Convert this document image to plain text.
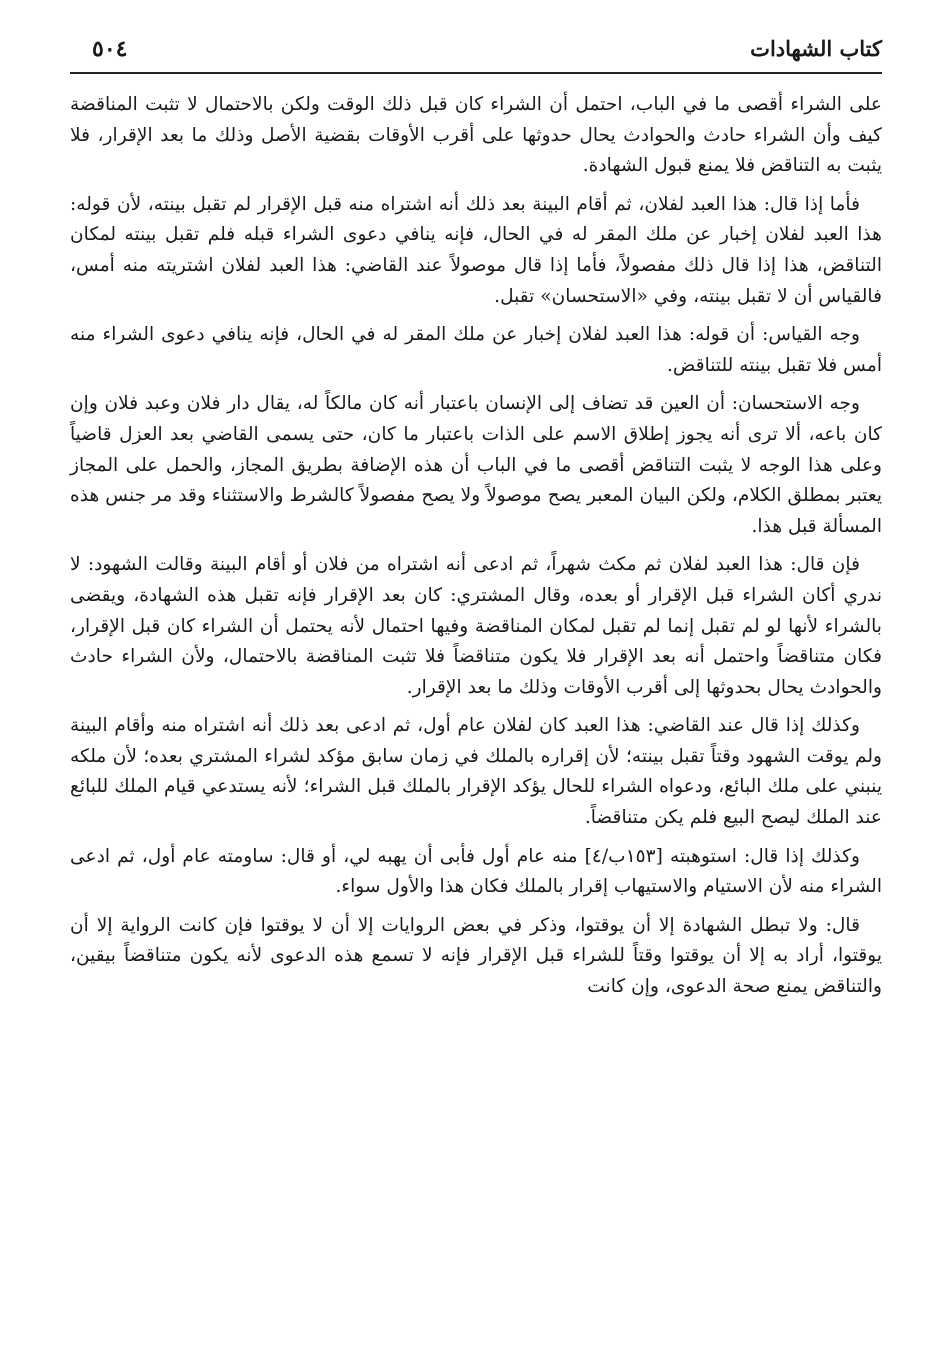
كتاب الشهادات
٥٠٤

على الشراء أقصى ما في الباب، احتمل أن الشراء كان قبل ذلك الوقت ولكن بالاحتمال لا تثبت المناقضة كيف وأن الشراء حادث والحوادث يحال حدوثها على أقرب الأوقات بقضية الأصل وذلك ما بعد الإقرار، فلا يثبت به التناقض فلا يمنع قبول الشهادة.

فأما إذا قال: هذا العبد لفلان، ثم أقام البينة بعد ذلك أنه اشتراه منه قبل الإقرار لم تقبل بينته، لأن قوله: هذا العبد لفلان إخبار عن ملك المقر له في الحال، فإنه ينافي دعوى الشراء قبله فلم تقبل بينته لمكان التناقض، هذا إذا قال ذلك مفصولاً، فأما إذا قال موصولاً عند القاضي: هذا العبد لفلان اشتريته منه أمس، فالقياس أن لا تقبل بينته، وفي «الاستحسان» تقبل.

وجه القياس: أن قوله: هذا العبد لفلان إخبار عن ملك المقر له في الحال، فإنه ينافي دعوى الشراء منه أمس فلا تقبل بينته للتناقض.

وجه الاستحسان: أن العين قد تضاف إلى الإنسان باعتبار أنه كان مالكاً له، يقال دار فلان وعبد فلان وإن كان باعه، ألا ترى أنه يجوز إطلاق الاسم على الذات باعتبار ما كان، حتى يسمى القاضي بعد العزل قاضياً وعلى هذا الوجه لا يثبت التناقض أقصى ما في الباب أن هذه الإضافة بطريق المجاز، والحمل على المجاز يعتبر بمطلق الكلام، ولكن البيان المعبر يصح موصولاً ولا يصح مفصولاً كالشرط والاستثناء وقد مر جنس هذه المسألة قبل هذا.

فإن قال: هذا العبد لفلان ثم مكث شهراً، ثم ادعى أنه اشتراه من فلان أو أقام البينة وقالت الشهود: لا ندري أكان الشراء قبل الإقرار أو بعده، وقال المشتري: كان بعد الإقرار فإنه تقبل هذه الشهادة، ويقضى بالشراء لأنها لو لم تقبل إنما لم تقبل لمكان المناقضة وفيها احتمال لأنه يحتمل أن الشراء كان قبل الإقرار، فكان متناقضاً واحتمل أنه بعد الإقرار فلا يكون متناقضاً فلا تثبت المناقضة بالاحتمال، ولأن الشراء حادث والحوادث يحال بحدوثها إلى أقرب الأوقات وذلك ما بعد الإقرار.

وكذلك إذا قال عند القاضي: هذا العبد كان لفلان عام أول، ثم ادعى بعد ذلك أنه اشتراه منه وأقام البينة ولم يوقت الشهود وقتاً تقبل بينته؛ لأن إقراره بالملك في زمان سابق مؤكد لشراء المشتري بعده؛ لأن ملكه ينبني على ملك البائع، ودعواه الشراء للحال يؤكد الإقرار بالملك قبل الشراء؛ لأنه يستدعي قيام الملك للبائع عند الملك ليصح البيع فلم يكن متناقضاً.

وكذلك إذا قال: استوهبته [١٥٣ب/٤] منه عام أول فأبى أن يهبه لي، أو قال: ساومته عام أول، ثم ادعى الشراء منه لأن الاستيام والاستيهاب إقرار بالملك فكان هذا والأول سواء.

قال: ولا تبطل الشهادة إلا أن يوقتوا، وذكر في بعض الروايات إلا أن لا يوقتوا فإن كانت الرواية إلا أن يوقتوا، أراد به إلا أن يوقتوا وقتاً للشراء قبل الإقرار فإنه لا تسمع هذه الدعوى لأنه يكون متناقضاً بيقين، والتناقض يمنع صحة الدعوى، وإن كانت
